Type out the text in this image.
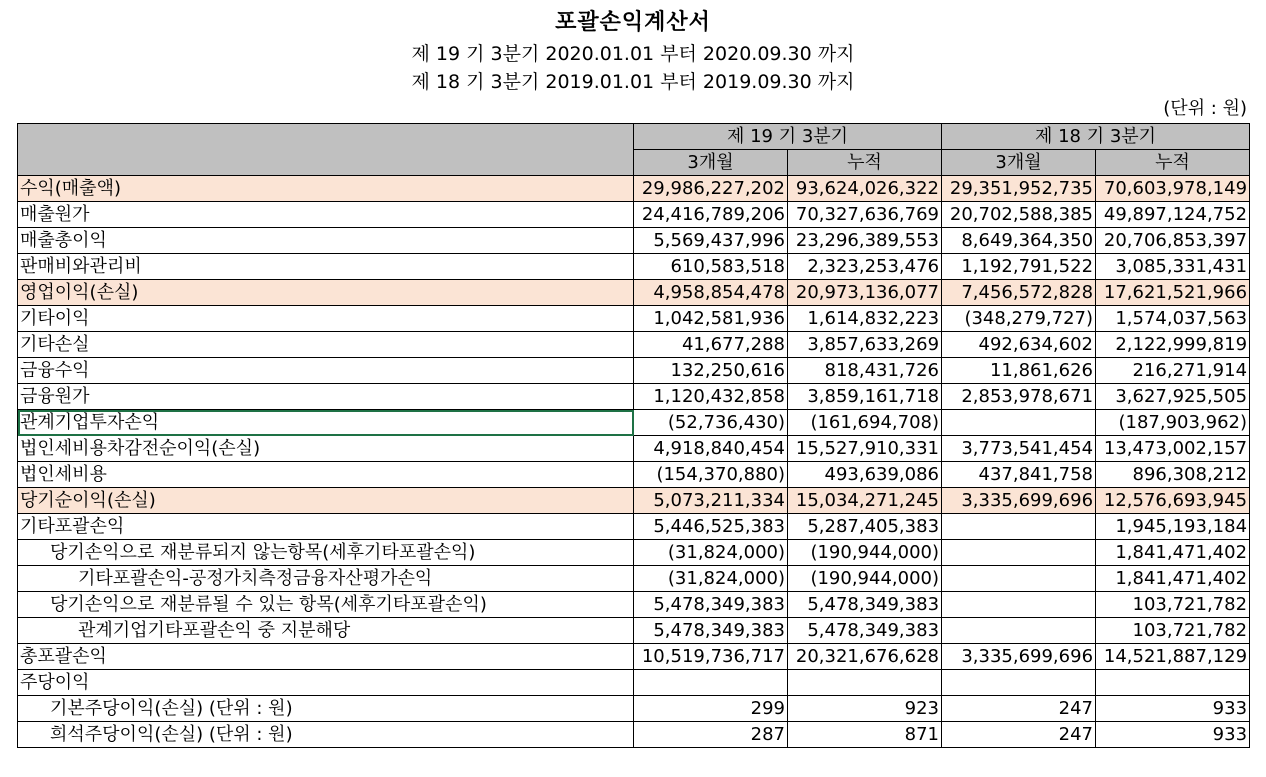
포괄손익계산서
제 19 기 3분기 2020.01.01 부터 2020.09.30 까지
제 18 기 3분기 2019.01.01 부터 2019.09.30 까지
(단위 : 원)
	제 19 기 3분기		제 18 기 3분기	
	3개월	누적	3개월	누적
수익(매출액)	29,986,227,202	93,624,026,322	29,351,952,735	70,603,978,149
매출원가	24,416,789,206	70,327,636,769	20,702,588,385	49,897,124,752
매출총이익	5,569,437,996	23,296,389,553	8,649,364,350	20,706,853,397
판매비와관리비	610,583,518	2,323,253,476	1,192,791,522	3,085,331,431
영업이익(손실)	4,958,854,478	20,973,136,077	7,456,572,828	17,621,521,966
기타이익	1,042,581,936	1,614,832,223	(348,279,727)	1,574,037,563
기타손실	41,677,288	3,857,633,269	492,634,602	2,122,999,819
금융수익	132,250,616	818,431,726	11,861,626	216,271,914
금융원가	1,120,432,858	3,859,161,718	2,853,978,671	3,627,925,505
관계기업투자손익	(52,736,430)	(161,694,708)		(187,903,962)
법인세비용차감전순이익(손실)	4,918,840,454	15,527,910,331	3,773,541,454	13,473,002,157
법인세비용	(154,370,880)	493,639,086	437,841,758	896,308,212
당기순이익(손실)	5,073,211,334	15,034,271,245	3,335,699,696	12,576,693,945
기타포괄손익	5,446,525,383	5,287,405,383		1,945,193,184
당기손익으로 재분류되지 않는항목(세후기타포괄손익)	(31,824,000)	(190,944,000)		1,841,471,402
기타포괄손익-공정가치측정금융자산평가손익	(31,824,000)	(190,944,000)		1,841,471,402
당기손익으로 재분류될 수 있는 항목(세후기타포괄손익)	5,478,349,383	5,478,349,383		103,721,782
관계기업기타포괄손익 중 지분해당	5,478,349,383	5,478,349,383		103,721,782
총포괄손익	10,519,736,717	20,321,676,628	3,335,699,696	14,521,887,129
주당이익				
기본주당이익(손실) (단위 : 원)	299	923	247	933
희석주당이익(손실) (단위 : 원)	287	871	247	933
